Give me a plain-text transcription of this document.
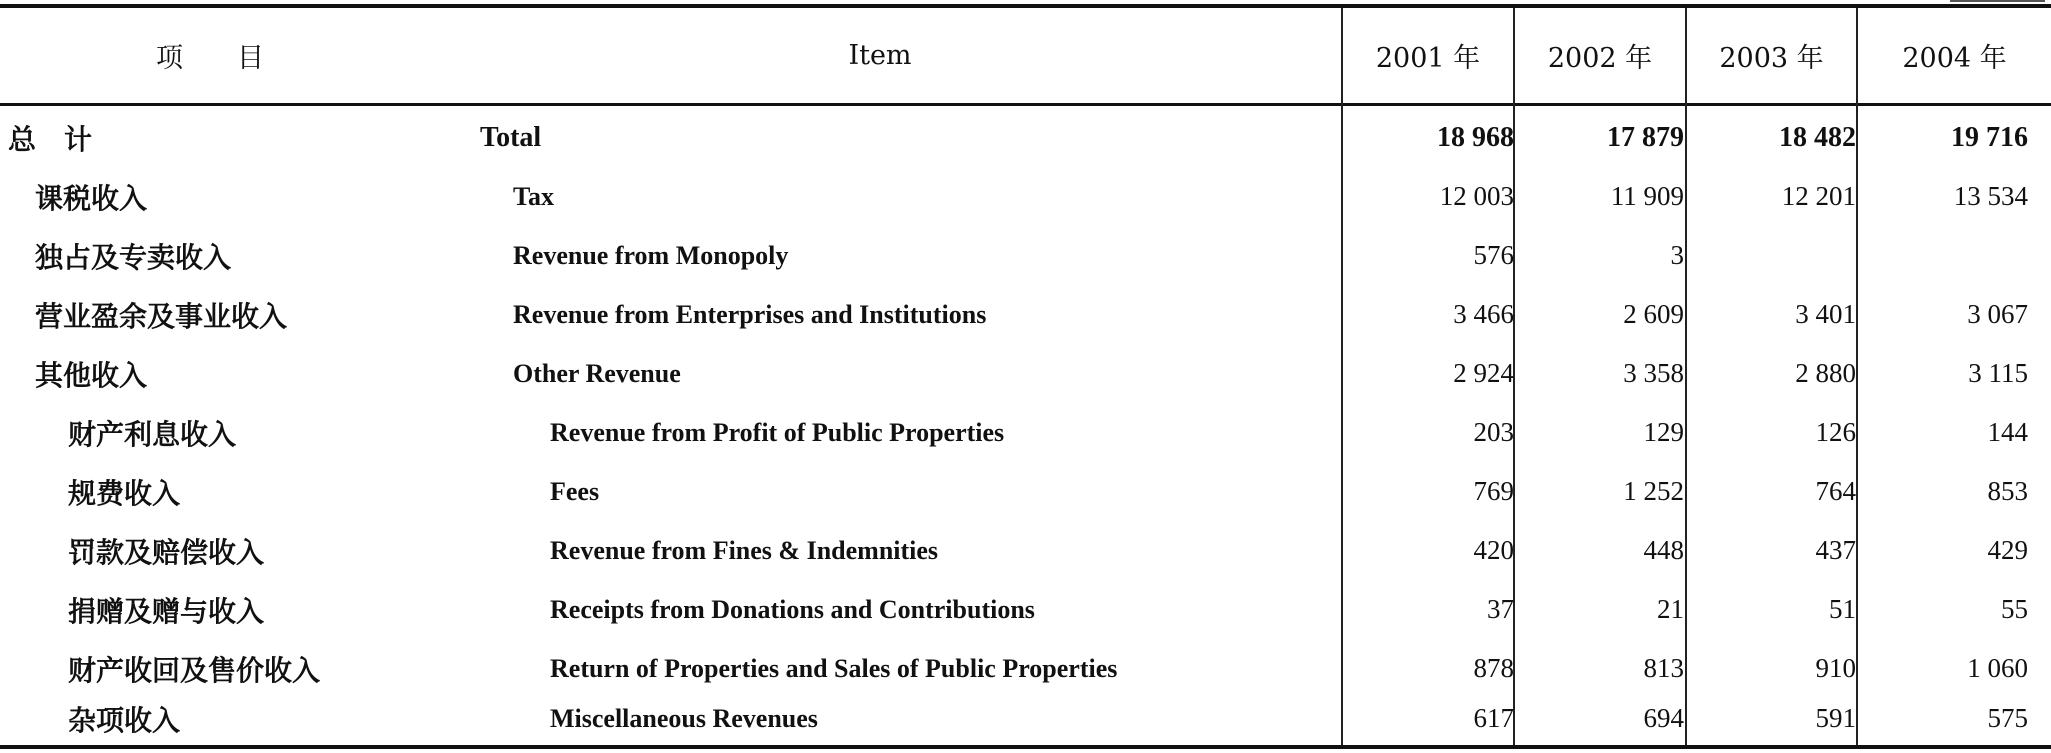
项　　目	Item	2001 年	2002 年	2003 年	2004 年
总　计	Total	18 968	17 879	18 482	19 716
课税收入	Tax	12 003	11 909	12 201	13 534
独占及专卖收入	Revenue from Monopoly	576	3
营业盈余及事业收入	Revenue from Enterprises and Institutions	3 466	2 609	3 401	3 067
其他收入	Other Revenue	2 924	3 358	2 880	3 115
财产利息收入	Revenue from Profit of Public Properties	203	129	126	144
规费收入	Fees	769	1 252	764	853
罚款及赔偿收入	Revenue from Fines & Indemnities	420	448	437	429
捐赠及赠与收入	Receipts from Donations and Contributions	37	21	51	55
财产收回及售价收入	Return of Properties and Sales of Public Properties	878	813	910	1 060
杂项收入	Miscellaneous Revenues	617	694	591	575
